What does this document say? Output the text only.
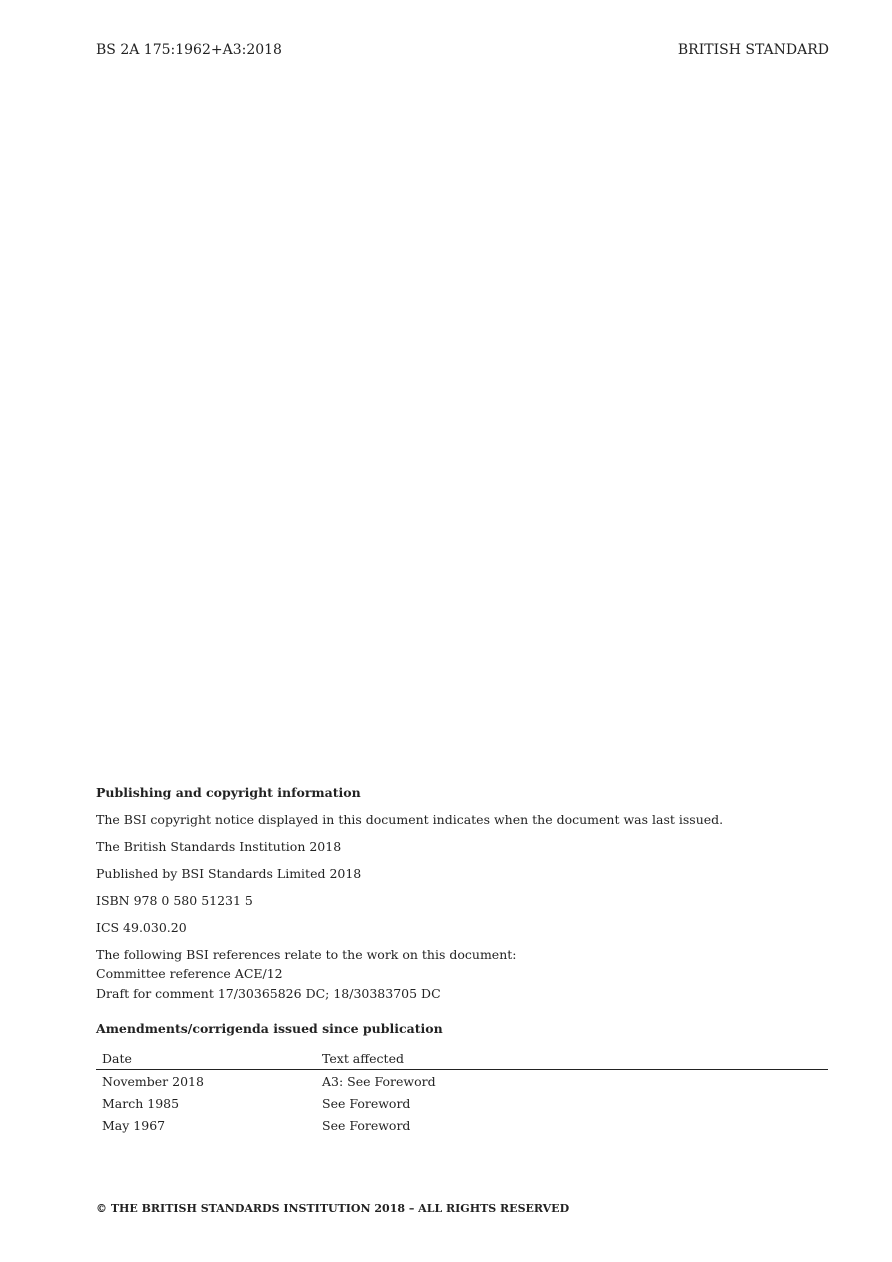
BS 2A 175:1962+A3:2018	BRITISH STANDARD
Publishing and copyright information
The BSI copyright notice displayed in this document indicates when the document was last issued.
The British Standards Institution 2018
Published by BSI Standards Limited 2018
ISBN 978 0 580 51231 5
ICS 49.030.20
The following BSI references relate to the work on this document:
Committee reference ACE/12
Draft for comment 17/30365826 DC; 18/30383705 DC
Amendments/corrigenda issued since publication
Date	Text affected
November 2018	A3: See Foreword
March 1985	See Foreword
May 1967	See Foreword
© THE BRITISH STANDARDS INSTITUTION 2018 – ALL RIGHTS RESERVED
